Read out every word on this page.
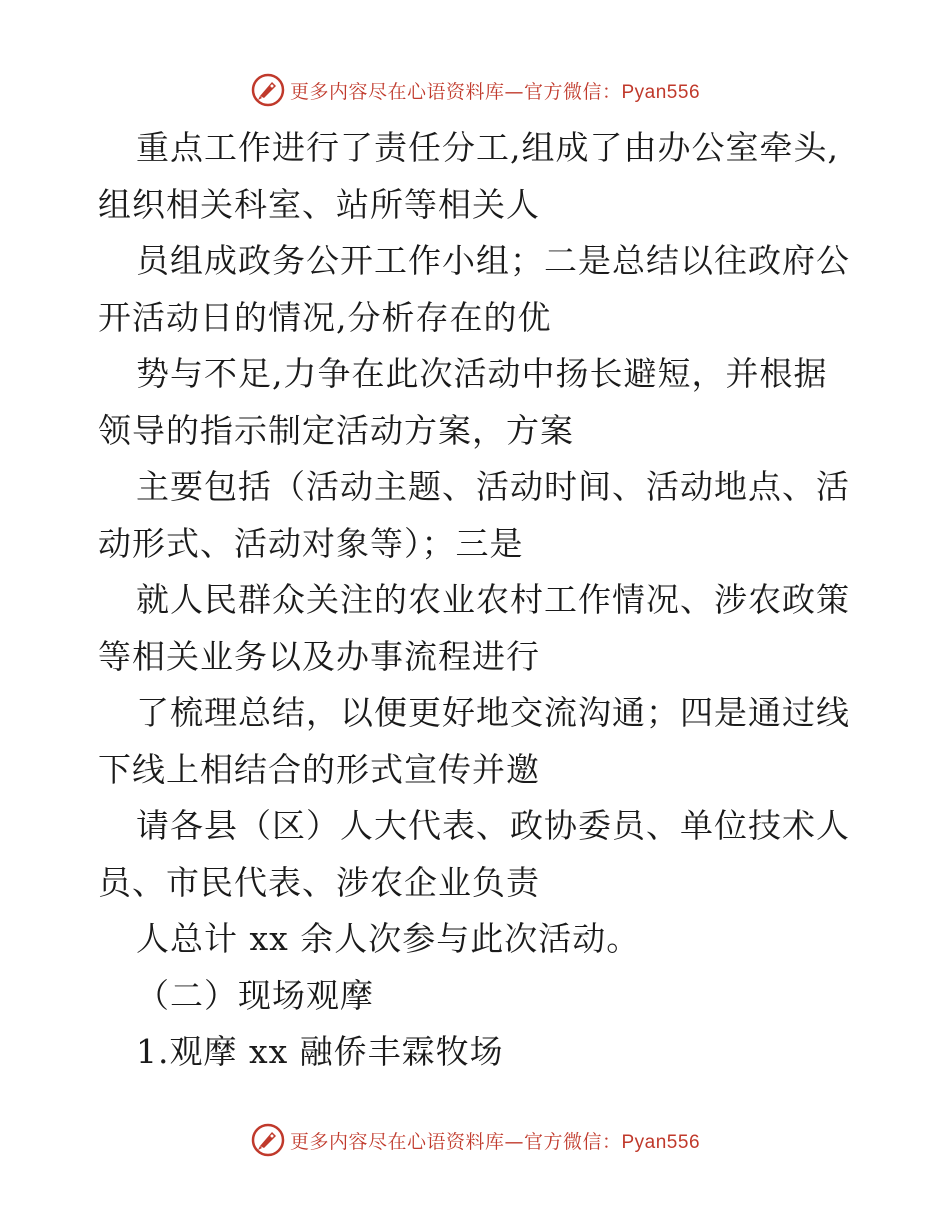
更多内容尽在心语资料库—官方微信：Pyan556
重点工作进行了责任分工,组成了由办公室牵头,
组织相关科室、站所等相关人
员组成政务公开工作小组；二是总结以往政府公
开活动日的情况,分析存在的优
势与不足,力争在此次活动中扬长避短，并根据
领导的指示制定活动方案，方案
主要包括（活动主题、活动时间、活动地点、活
动形式、活动对象等）；三是
就人民群众关注的农业农村工作情况、涉农政策
等相关业务以及办事流程进行
了梳理总结，以便更好地交流沟通；四是通过线
下线上相结合的形式宣传并邀
请各县（区）人大代表、政协委员、单位技术人
员、市民代表、涉农企业负责
人总计 xx 余人次参与此次活动。
（二）现场观摩
1.观摩 xx 融侨丰霖牧场
更多内容尽在心语资料库—官方微信：Pyan556
